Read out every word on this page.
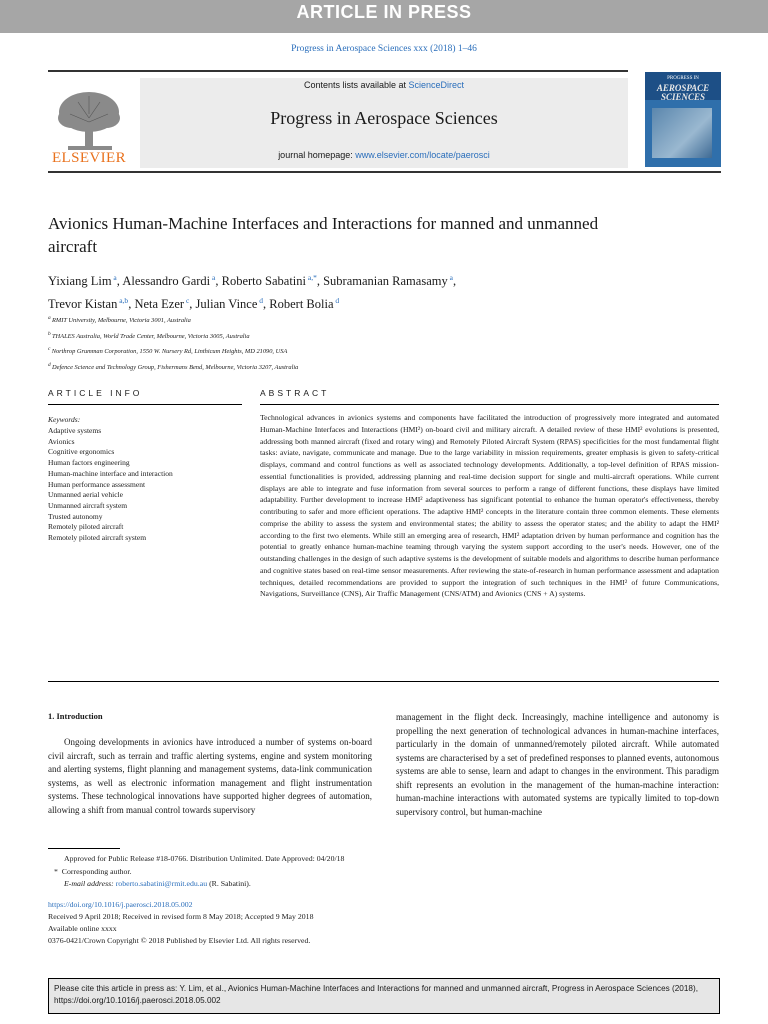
ARTICLE IN PRESS
Progress in Aerospace Sciences xxx (2018) 1–46
ELSEVIER
Contents lists available at ScienceDirect
Progress in Aerospace Sciences
journal homepage: www.elsevier.com/locate/paerosci
PROGRESS IN
AEROSPACE SCIENCES
Avionics Human-Machine Interfaces and Interactions for manned and unmanned aircraft
Yixiang Lim $^a$, Alessandro Gardi $^a$, Roberto Sabatini $^{a,*}$, Subramanian Ramasamy $^a$,
Trevor Kistan $^{a,b}$, Neta Ezer $^c$, Julian Vince $^d$, Robert Bolia $^d$
$^a$ RMIT University, Melbourne, Victoria 3001, Australia
$^b$ THALES Australia, World Trade Center, Melbourne, Victoria 3005, Australia
$^c$ Northrop Grumman Corporation, 1550 W. Nursery Rd, Linthicum Heights, MD 21090, USA
$^d$ Defence Science and Technology Group, Fishermans Bend, Melbourne, Victoria 3207, Australia
ARTICLE INFO
Keywords:
Adaptive systems
Avionics
Cognitive ergonomics
Human factors engineering
Human-machine interface and interaction
Human performance assessment
Unmanned aerial vehicle
Unmanned aircraft system
Trusted autonomy
Remotely piloted aircraft
Remotely piloted aircraft system
ABSTRACT
Technological advances in avionics systems and components have facilitated the introduction of progressively more integrated and automated Human-Machine Interfaces and Interactions (HMI²) on-board civil and military aircraft. A detailed review of these HMI² evolutions is presented, addressing both manned aircraft (fixed and rotary wing) and Remotely Piloted Aircraft System (RPAS) specificities for the most fundamental flight tasks: aviate, navigate, communicate and manage. Due to the large variability in mission requirements, greater emphasis is given to safety-critical displays, command and control functions as well as associated technology developments. Additionally, a top-level definition of RPAS mission-essential functionalities is provided, addressing planning and real-time decision support for single and multi-aircraft operations. While current displays are able to integrate and fuse information from several sources to perform a range of different functions, these displays have limited adaptability. Further development to increase HMI² adaptiveness has significant potential to enhance the human operator's effectiveness, thereby contributing to safer and more efficient operations. The adaptive HMI² concepts in the literature contain three common elements. These elements comprise the ability to assess the system and environmental states; the ability to assess the operator states; and the ability to adapt the HMI² according to the first two elements. While still an emerging area of research, HMI² adaptation driven by human performance and cognition has the potential to greatly enhance human-machine teaming through varying the system support according to the user's needs. However, one of the outstanding challenges in the design of such adaptive systems is the development of suitable models and algorithms to describe human performance and cognitive states based on real-time sensor measurements. After reviewing the state-of-research in human performance assessment and adaptation techniques, detailed recommendations are provided to support the integration of such techniques in the HMI² of future Communications, Navigations, Surveillance (CNS), Air Traffic Management (CNS/ATM) and Avionics (CNS + A) systems.
1. Introduction

Ongoing developments in avionics have introduced a number of systems on-board civil aircraft, such as terrain and traffic alerting systems, engine and system monitoring and alerting systems, flight planning and management systems, data-link communication systems, as well as electronic information management and flight instrumentation systems. These technological innovations have supported higher degrees of automation, allowing a shift from manual control towards supervisory

management in the flight deck. Increasingly, machine intelligence and autonomy is propelling the next generation of technological advances in human-machine interfaces, particularly in the domain of unmanned/remotely piloted aircraft. While automated systems are characterised by a set of predefined responses to planned events, autonomous systems are able to sense, learn and adapt to changes in the environment. This paradigm shift represents an evolution in the management of the human-machine interaction: human-machine interactions with automated systems are typically limited to top-down supervisory control, but human-machine

Approved for Public Release #18-0766. Distribution Unlimited. Date Approved: 04/20/18
*  Corresponding author.
E-mail address: roberto.sabatini@rmit.edu.au (R. Sabatini).
https://doi.org/10.1016/j.paerosci.2018.05.002
Received 9 April 2018; Received in revised form 8 May 2018; Accepted 9 May 2018
Available online xxxx
0376-0421/Crown Copyright © 2018 Published by Elsevier Ltd. All rights reserved.
Please cite this article in press as: Y. Lim, et al., Avionics Human-Machine Interfaces and Interactions for manned and unmanned aircraft, Progress in Aerospace Sciences (2018), https://doi.org/10.1016/j.paerosci.2018.05.002
